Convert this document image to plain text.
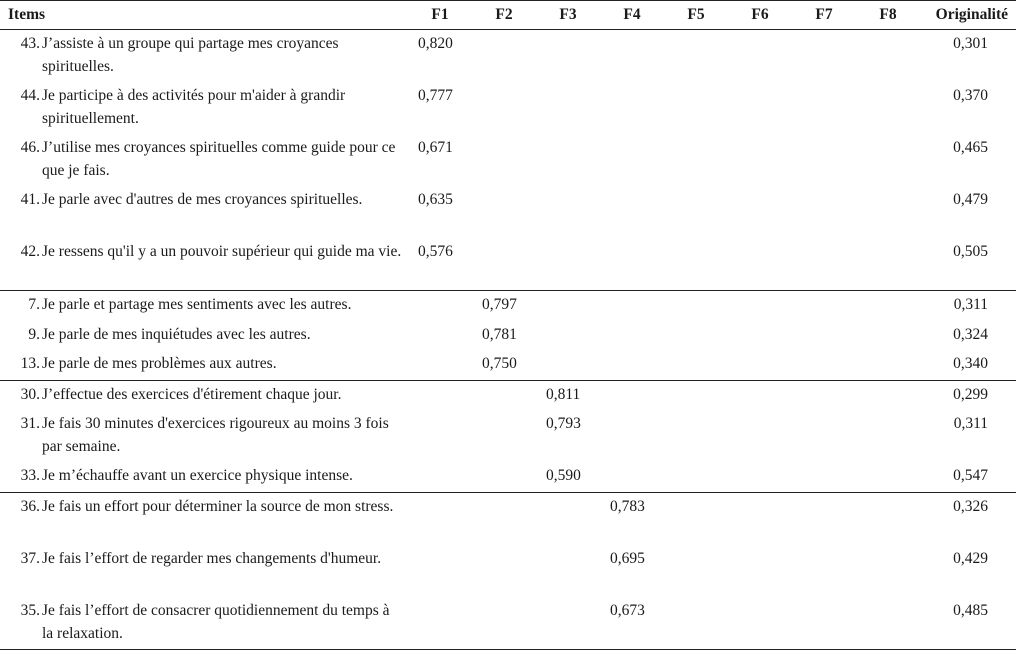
Items	F1	F2	F3	F4	F5	F6	F7	F8	Originalité

43. J’assiste à un groupe qui partage mes croyances spirituelles.	0,820								0,301

44. Je participe à des activités pour m'aider à grandir spirituellement.	0,777								0,370

46. J’utilise mes croyances spirituelles comme guide pour ce que je fais.	0,671								0,465

41. Je parle avec d'autres de mes croyances spirituelles.	0,635								0,479

42. Je ressens qu'il y a un pouvoir supérieur qui guide ma vie.	0,576								0,505

7. Je parle et partage mes sentiments avec les autres.		0,797							0,311

9. Je parle de mes inquiétudes avec les autres.		0,781							0,324

13. Je parle de mes problèmes aux autres.		0,750							0,340

30. J’effectue des exercices d'étirement chaque jour.			0,811						0,299

31. Je fais 30 minutes d'exercices rigoureux au moins 3 fois par semaine.			0,793						0,311

33. Je m’échauffe avant un exercice physique intense.			0,590						0,547

36. Je fais un effort pour déterminer la source de mon stress.				0,783					0,326

37. Je fais l’effort de regarder mes changements d'humeur.				0,695					0,429

35. Je fais l’effort de consacrer quotidiennement du temps à la relaxation.				0,673					0,485
